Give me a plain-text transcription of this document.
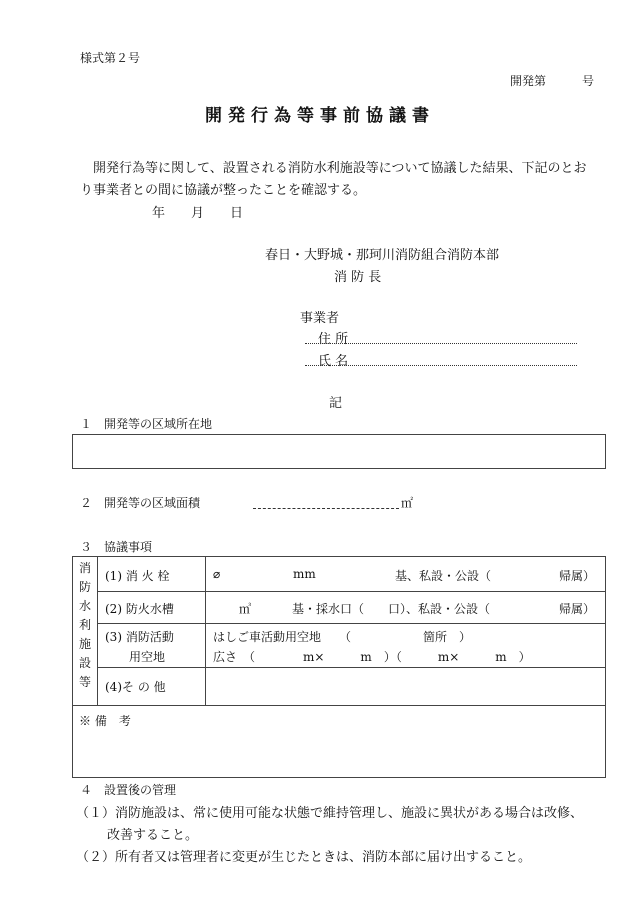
様式第２号
開発第　　　号
開発行為等事前協議書
開発行為等に関して、設置される消防水利施設等について協議した結果、下記のとお
り事業者との間に協議が整ったことを確認する。
年　　月　　日
春日・大野城・那珂川消防組合消防本部
消 防 長
事業者
住 所
氏 名
記
１　開発等の区域所在地
２　開発等の区域面積	㎡
３　協議事項
消
防
水
利
施
設
等
(1) 消 火 栓	⌀	mm	基、私設・公設（	帰属）
(2) 防火水槽	㎥	基・採水口（　　口）、私設・公設（	帰属）
(3) 消防活動
用空地
はしご車活動用空地　　（　　　　　　箇所　）
広さ　（　　　　m×　　　m　）（　　　m×　　　m　）
(4)そ の 他
※ 備　考
４　設置後の管理
（１）消防施設は、常に使用可能な状態で維持管理し、施設に異状がある場合は改修、
改善すること。
（２）所有者又は管理者に変更が生じたときは、消防本部に届け出すること。
